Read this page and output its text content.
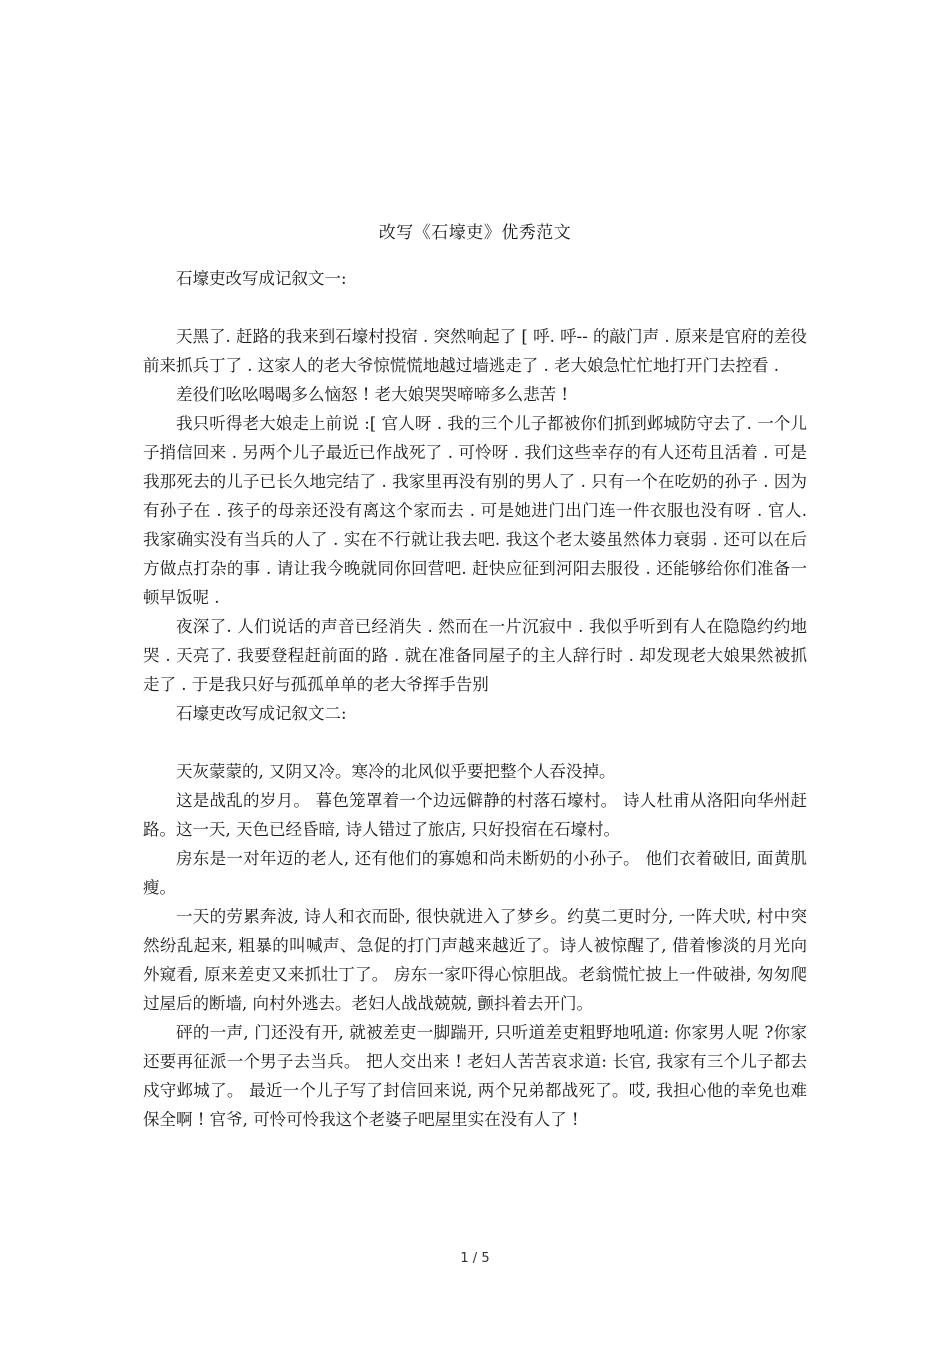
改写《石壕吏》优秀范文

石壕吏改写成记叙文一:

天黑了. 赶路的我来到石壕村投宿 . 突然响起了 [ 呼. 呼-- 的敲门声 . 原来是官府的差役前来抓兵丁了 . 这家人的老大爷惊慌慌地越过墙逃走了 . 老大娘急忙忙地打开门去控看 .

差役们吆吆喝喝多么恼怒 ! 老大娘哭哭啼啼多么悲苦 !

我只听得老大娘走上前说 :[ 官人呀 . 我的三个儿子都被你们抓到邺城防守去了. 一个儿子捎信回来 . 另两个儿子最近已作战死了 . 可怜呀 . 我们这些幸存的有人还苟且活着 . 可是我那死去的儿子已长久地完结了 . 我家里再没有别的男人了 . 只有一个在吃奶的孙子 . 因为有孙子在 . 孩子的母亲还没有离这个家而去 . 可是她进门出门连一件衣服也没有呀 . 官人. 我家确实没有当兵的人了 . 实在不行就让我去吧. 我这个老太婆虽然体力衰弱 . 还可以在后方做点打杂的事 . 请让我今晚就同你回营吧. 赶快应征到河阳去服役 . 还能够给你们准备一顿早饭呢 .

夜深了. 人们说话的声音已经消失 . 然而在一片沉寂中 . 我似乎听到有人在隐隐约约地哭 . 天亮了. 我要登程赶前面的路 . 就在准备同屋子的主人辞行时 . 却发现老大娘果然被抓走了 . 于是我只好与孤孤单单的老大爷挥手告别

石壕吏改写成记叙文二:

天灰蒙蒙的, 又阴又冷。寒冷的北风似乎要把整个人吞没掉。

这是战乱的岁月。 暮色笼罩着一个边远僻静的村落石壕村。 诗人杜甫从洛阳向华州赶路。这一天, 天色已经昏暗, 诗人错过了旅店, 只好投宿在石壕村。

房东是一对年迈的老人, 还有他们的寡媳和尚未断奶的小孙子。 他们衣着破旧, 面黄肌瘦。

一天的劳累奔波, 诗人和衣而卧, 很快就进入了梦乡。约莫二更时分, 一阵犬吠, 村中突然纷乱起来, 粗暴的叫喊声、急促的打门声越来越近了。诗人被惊醒了, 借着惨淡的月光向外窥看, 原来差吏又来抓壮丁了。 房东一家吓得心惊胆战。老翁慌忙披上一件破褂, 匆匆爬过屋后的断墙, 向村外逃去。老妇人战战兢兢, 颤抖着去开门。

砰的一声, 门还没有开, 就被差吏一脚踹开, 只听道差吏粗野地吼道: 你家男人呢 ?你家还要再征派一个男子去当兵。 把人交出来 ! 老妇人苦苦哀求道: 长官, 我家有三个儿子都去戍守邺城了。 最近一个儿子写了封信回来说, 两个兄弟都战死了。哎, 我担心他的幸免也难保全啊 ! 官爷, 可怜可怜我这个老婆子吧屋里实在没有人了 !

1 / 5
